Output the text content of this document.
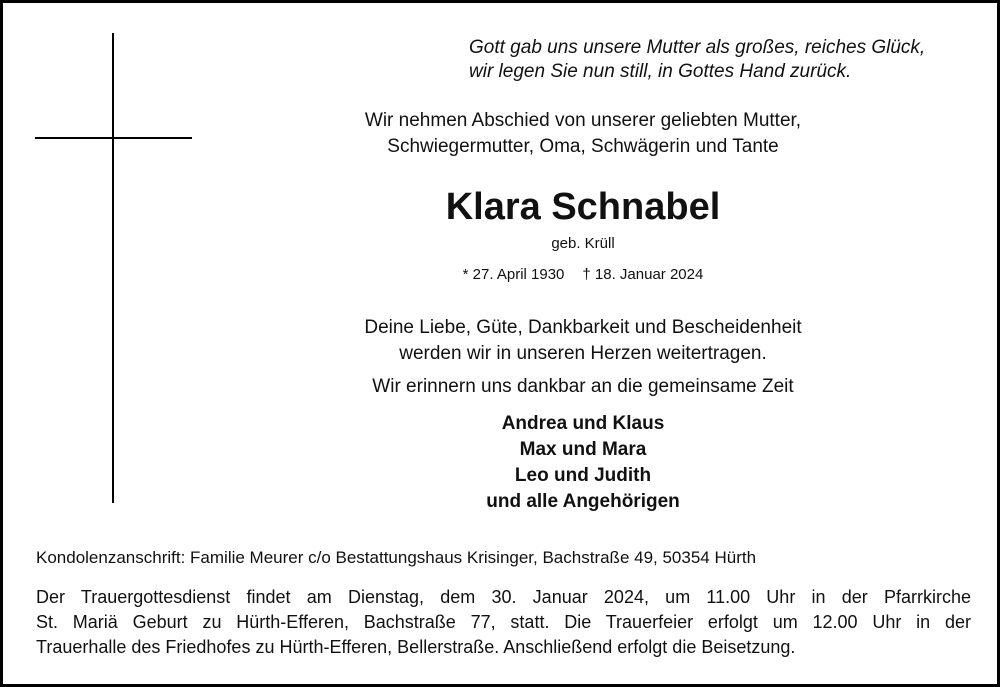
Gott gab uns unsere Mutter als großes, reiches Glück,
wir legen Sie nun still, in Gottes Hand zurück.
Wir nehmen Abschied von unserer geliebten Mutter,
Schwiegermutter, Oma, Schwägerin und Tante
Klara Schnabel
geb. Krüll
* 27. April 1930 † 18. Januar 2024
Deine Liebe, Güte, Dankbarkeit und Bescheidenheit
werden wir in unseren Herzen weitertragen.
Wir erinnern uns dankbar an die gemeinsame Zeit
Andrea und Klaus
Max und Mara
Leo und Judith
und alle Angehörigen
Kondolenzanschrift: Familie Meurer c/o Bestattungshaus Krisinger, Bachstraße 49, 50354 Hürth
Der Trauergottesdienst findet am Dienstag, dem 30. Januar 2024, um 11.00 Uhr in der Pfarrkirche
St. Mariä Geburt zu Hürth-Efferen, Bachstraße 77, statt. Die Trauerfeier erfolgt um 12.00 Uhr in der
Trauerhalle des Friedhofes zu Hürth-Efferen, Bellerstraße. Anschließend erfolgt die Beisetzung.
